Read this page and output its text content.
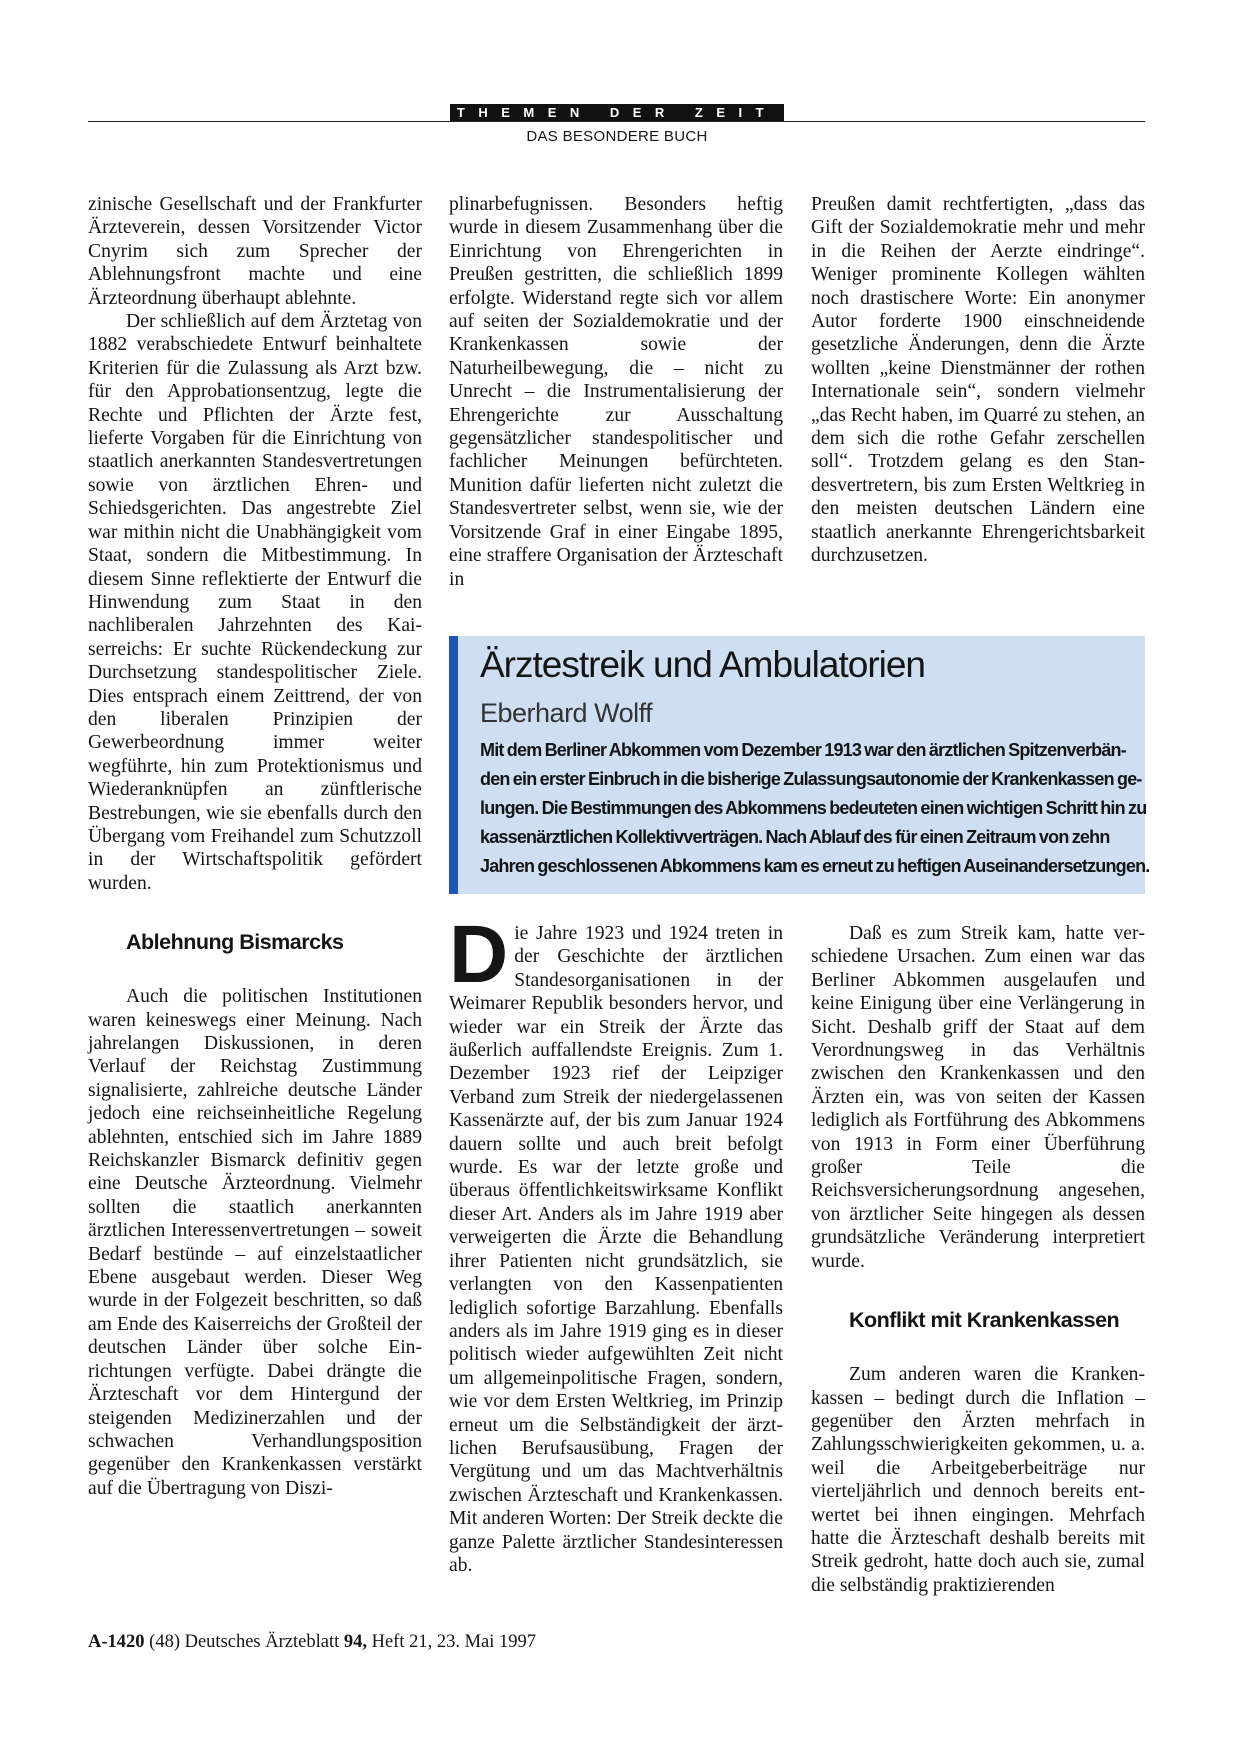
THEMEN DER ZEIT
DAS BESONDERE BUCH

zinische Gesellschaft und der Frankfurter Ärzteverein, dessen Vorsitzender Victor Cnyrim sich zum Sprecher der Ablehnungsfront machte und eine Ärzteordnung überhaupt ablehnte.

Der schließlich auf dem Ärztetag von 1882 verabschiedete Entwurf beinhaltete Kriterien für die Zulassung als Arzt bzw. für den Approbationsentzug, legte die Rechte und Pflichten der Ärzte fest, lieferte Vorgaben für die Einrichtung von staatlich anerkannten Standesvertretungen sowie von ärztlichen Ehren- und Schiedsgerichten. Das angestrebte Ziel war mithin nicht die Unabhängigkeit vom Staat, sondern die Mitbestimmung. In diesem Sinne reflektierte der Entwurf die Hinwendung zum Staat in den nachliberalen Jahrzehnten des Kaiserreichs: Er suchte Rückendeckung zur Durchsetzung standespolitischer Ziele. Dies entsprach einem Zeittrend, der von den liberalen Prinzipien der Gewerbeordnung immer weiter wegführte, hin zum Protektionismus und Wiederanknüpfen an zünftlerische Bestrebungen, wie sie ebenfalls durch den Übergang vom Freihandel zum Schutzzoll in der Wirtschaftspolitik gefördert wurden.

Ablehnung Bismarcks

Auch die politischen Institutionen waren keineswegs einer Meinung. Nach jahrelangen Diskussionen, in deren Verlauf der Reichstag Zustimmung signalisierte, zahlreiche deutsche Länder jedoch eine reichseinheitliche Regelung ablehnten, entschied sich im Jahre 1889 Reichskanzler Bismarck definitiv gegen eine Deutsche Ärzteordnung. Vielmehr sollten die staatlich anerkannten ärztlichen Interessenvertretungen – soweit Bedarf bestünde – auf einzelstaatlicher Ebene ausgebaut werden. Dieser Weg wurde in der Folgezeit beschritten, so daß am Ende des Kaiserreichs der Großteil der deutschen Länder über solche Einrichtungen verfügte. Dabei drängte die Ärzteschaft vor dem Hintergund der steigenden Medizinerzahlen und der schwachen Verhandlungsposition gegenüber den Krankenkassen verstärkt auf die Übertragung von Diszi-

plinarbefugnissen. Besonders heftig wurde in diesem Zusammenhang über die Einrichtung von Ehrengerichten in Preußen gestritten, die schließlich 1899 erfolgte. Widerstand regte sich vor allem auf seiten der Sozialdemokratie und der Krankenkassen sowie der Naturheilbewegung, die – nicht zu Unrecht – die Instrumentalisierung der Ehrengerichte zur Ausschaltung gegensätzlicher standespolitischer und fachlicher Meinungen befürchteten. Munition dafür lieferten nicht zuletzt die Standesvertreter selbst, wenn sie, wie der Vorsitzende Graf in einer Eingabe 1895, eine straffere Organisation der Ärzteschaft in

Preußen damit rechtfertigten, „dass das Gift der Sozialdemokratie mehr und mehr in die Reihen der Aerzte eindringe“. Weniger prominente Kollegen wählten noch drastischere Worte: Ein anonymer Autor forderte 1900 einschneidende gesetzliche Änderungen, denn die Ärzte wollten „keine Dienstmänner der rothen Internationale sein“, sondern vielmehr „das Recht haben, im Quarré zu stehen, an dem sich die rothe Gefahr zerschellen soll“. Trotzdem gelang es den Standesvertretern, bis zum Ersten Weltkrieg in den meisten deutschen Ländern eine staatlich anerkannte Ehrengerichtsbarkeit durchzusetzen.

Ärztestreik und Ambulatorien
Eberhard Wolff
Mit dem Berliner Abkommen vom Dezember 1913 war den ärztlichen Spitzenverbän-
den ein erster Einbruch in die bisherige Zulassungsautonomie der Krankenkassen ge-
lungen. Die Bestimmungen des Abkommens bedeuteten einen wichtigen Schritt hin zu
kassenärztlichen Kollektivverträgen. Nach Ablauf des für einen Zeitraum von zehn
Jahren geschlossenen Abkommens kam es erneut zu heftigen Auseinandersetzungen.
D ie Jahre 1923 und 1924 treten in der Geschichte der ärztlichen Standesorganisationen in der Weimarer Republik besonders hervor, und wieder war ein Streik der Ärzte das äußerlich auffallendste Ereignis. Zum 1. Dezember 1923 rief der Leipziger Verband zum Streik der niedergelassenen Kassenärzte auf, der bis zum Januar 1924 dauern sollte und auch breit befolgt wurde. Es war der letzte große und überaus öffentlichkeitswirksame Konflikt dieser Art. Anders als im Jahre 1919 aber verweigerten die Ärzte die Behandlung ihrer Patienten nicht grundsätzlich, sie verlangten von den Kassenpatienten lediglich sofortige Barzahlung. Ebenfalls anders als im Jahre 1919 ging es in dieser politisch wieder aufgewühlten Zeit nicht um allgemeinpolitische Fragen, sondern, wie vor dem Ersten Weltkrieg, im Prinzip erneut um die Selbständigkeit der ärztlichen Berufsausübung, Fragen der Vergütung und um das Machtverhältnis zwischen Ärzteschaft und Krankenkassen. Mit anderen Worten: Der Streik deckte die ganze Palette ärztlicher Standesinteressen ab.

Daß es zum Streik kam, hatte verschiedene Ursachen. Zum einen war das Berliner Abkommen ausgelaufen und keine Einigung über eine Verlängerung in Sicht. Deshalb griff der Staat auf dem Verordnungsweg in das Verhältnis zwischen den Krankenkassen und den Ärzten ein, was von seiten der Kassen lediglich als Fortführung des Abkommens von 1913 in Form einer Überführung großer Teile die Reichsversicherungsordnung angesehen, von ärztlicher Seite hingegen als dessen grundsätzliche Veränderung interpretiert wurde.

Konflikt mit Krankenkassen

Zum anderen waren die Krankenkassen – bedingt durch die Inflation – gegenüber den Ärzten mehrfach in Zahlungsschwierigkeiten gekommen, u. a. weil die Arbeitgeberbeiträge nur vierteljährlich und dennoch bereits entwertet bei ihnen eingingen. Mehrfach hatte die Ärzteschaft deshalb bereits mit Streik gedroht, hatte doch auch sie, zumal die selbständig praktizierenden

A-1420 (48) Deutsches Ärzteblatt 94, Heft 21, 23. Mai 1997
